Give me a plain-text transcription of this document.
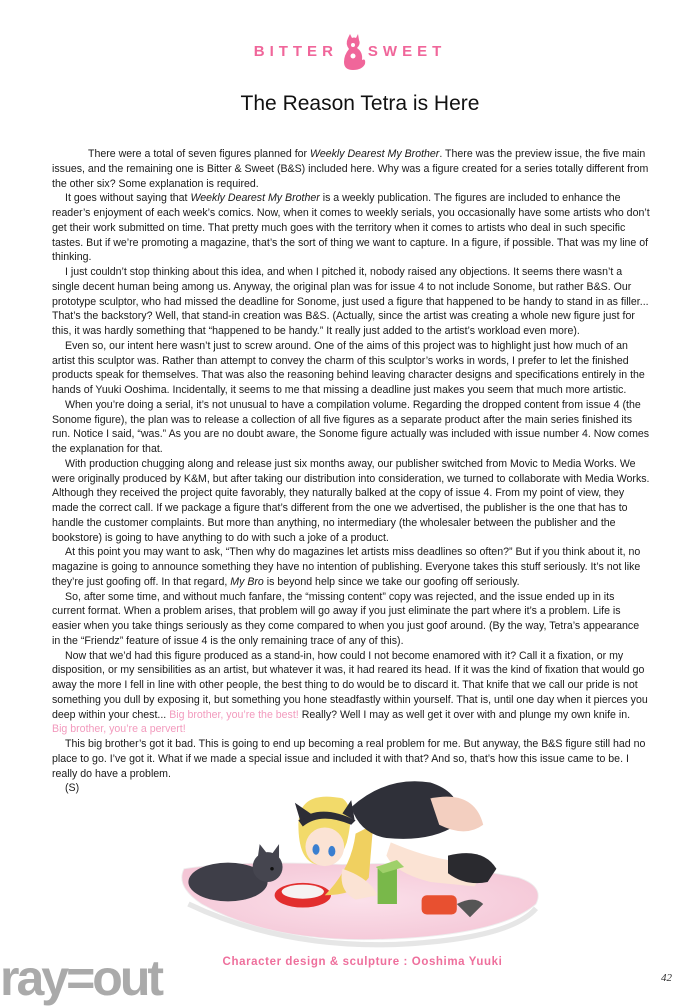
BITTER SWEET
The Reason Tetra is Here

There were a total of seven figures planned for Weekly Dearest My Brother. There was the preview issue, the five main issues, and the remaining one is Bitter & Sweet (B&S) included here. Why was a figure created for a series totally different from the other six? Some explanation is required.

It goes without saying that Weekly Dearest My Brother is a weekly publication. The figures are included to enhance the reader’s enjoyment of each week’s comics. Now, when it comes to weekly serials, you occasionally have some artists who don’t get their work submitted on time. That pretty much goes with the territory when it comes to artists who deal in such specific tastes. But if we’re promoting a magazine, that’s the sort of thing we want to capture. In a figure, if possible. That was my line of thinking.

I just couldn’t stop thinking about this idea, and when I pitched it, nobody raised any objections. It seems there wasn’t a single decent human being among us. Anyway, the original plan was for issue 4 to not include Sonome, but rather B&S. Our prototype sculptor, who had missed the deadline for Sonome, just used a figure that happened to be handy to stand in as filler... That’s the backstory? Well, that stand-in creation was B&S. (Actually, since the artist was creating a whole new figure just for this, it was hardly something that “happened to be handy.” It really just added to the artist’s workload even more).

Even so, our intent here wasn’t just to screw around. One of the aims of this project was to highlight just how much of an artist this sculptor was. Rather than attempt to convey the charm of this sculptor’s works in words, I prefer to let the finished products speak for themselves. That was also the reasoning behind leaving character designs and specifications entirely in the hands of Yuuki Ooshima. Incidentally, it seems to me that missing a deadline just makes you seem that much more artistic.

When you’re doing a serial, it’s not unusual to have a compilation volume. Regarding the dropped content from issue 4 (the Sonome figure), the plan was to release a collection of all five figures as a separate product after the main series finished its run. Notice I said, “was.” As you are no doubt aware, the Sonome figure actually was included with issue number 4. Now comes the explanation for that.

With production chugging along and release just six months away, our publisher switched from Movic to Media Works. We were originally produced by K&M, but after taking our distribution into consideration, we turned to collaborate with Media Works. Although they received the project quite favorably, they naturally balked at the copy of issue 4. From my point of view, they made the correct call. If we package a figure that’s different from the one we advertised, the publisher is the one that has to handle the customer complaints. But more than anything, no intermediary (the wholesaler between the publisher and the bookstore) is going to have anything to do with such a joke of a product.

At this point you may want to ask, “Then why do magazines let artists miss deadlines so often?” But if you think about it, no magazine is going to announce something they have no intention of publishing. Everyone takes this stuff seriously. It’s not like they’re just goofing off. In that regard, My Bro is beyond help since we take our goofing off seriously.

So, after some time, and without much fanfare, the “missing content” copy was rejected, and the issue ended up in its current format. When a problem arises, that problem will go away if you just eliminate the part where it’s a problem. Life is easier when you take things seriously as they come compared to when you just goof around. (By the way, Tetra’s appearance in the “Friendz” feature of issue 4 is the only remaining trace of any of this).

Now that we’d had this figure produced as a stand-in, how could I not become enamored with it? Call it a fixation, or my disposition, or my sensibilities as an artist, but whatever it was, it had reared its head. If it was the kind of fixation that would go away the more I fell in line with other people, the best thing to do would be to discard it. That knife that we call our pride is not something you dull by exposing it, but something you hone steadfastly within yourself. That is, until one day when it pierces you deep within your chest... Big brother, you’re the best! Really? Well I may as well get it over with and plunge my own knife in.
Big brother, you’re a pervert!

This big brother’s got it bad. This is going to end up becoming a real problem for me. But anyway, the B&S figure still had no place to go. I’ve got it. What if we made a special issue and included it with that? And so, that’s how this issue came to be. I really do have a problem.

(S)

ray=out	Character design & sculpture : Ooshima Yuuki
42
